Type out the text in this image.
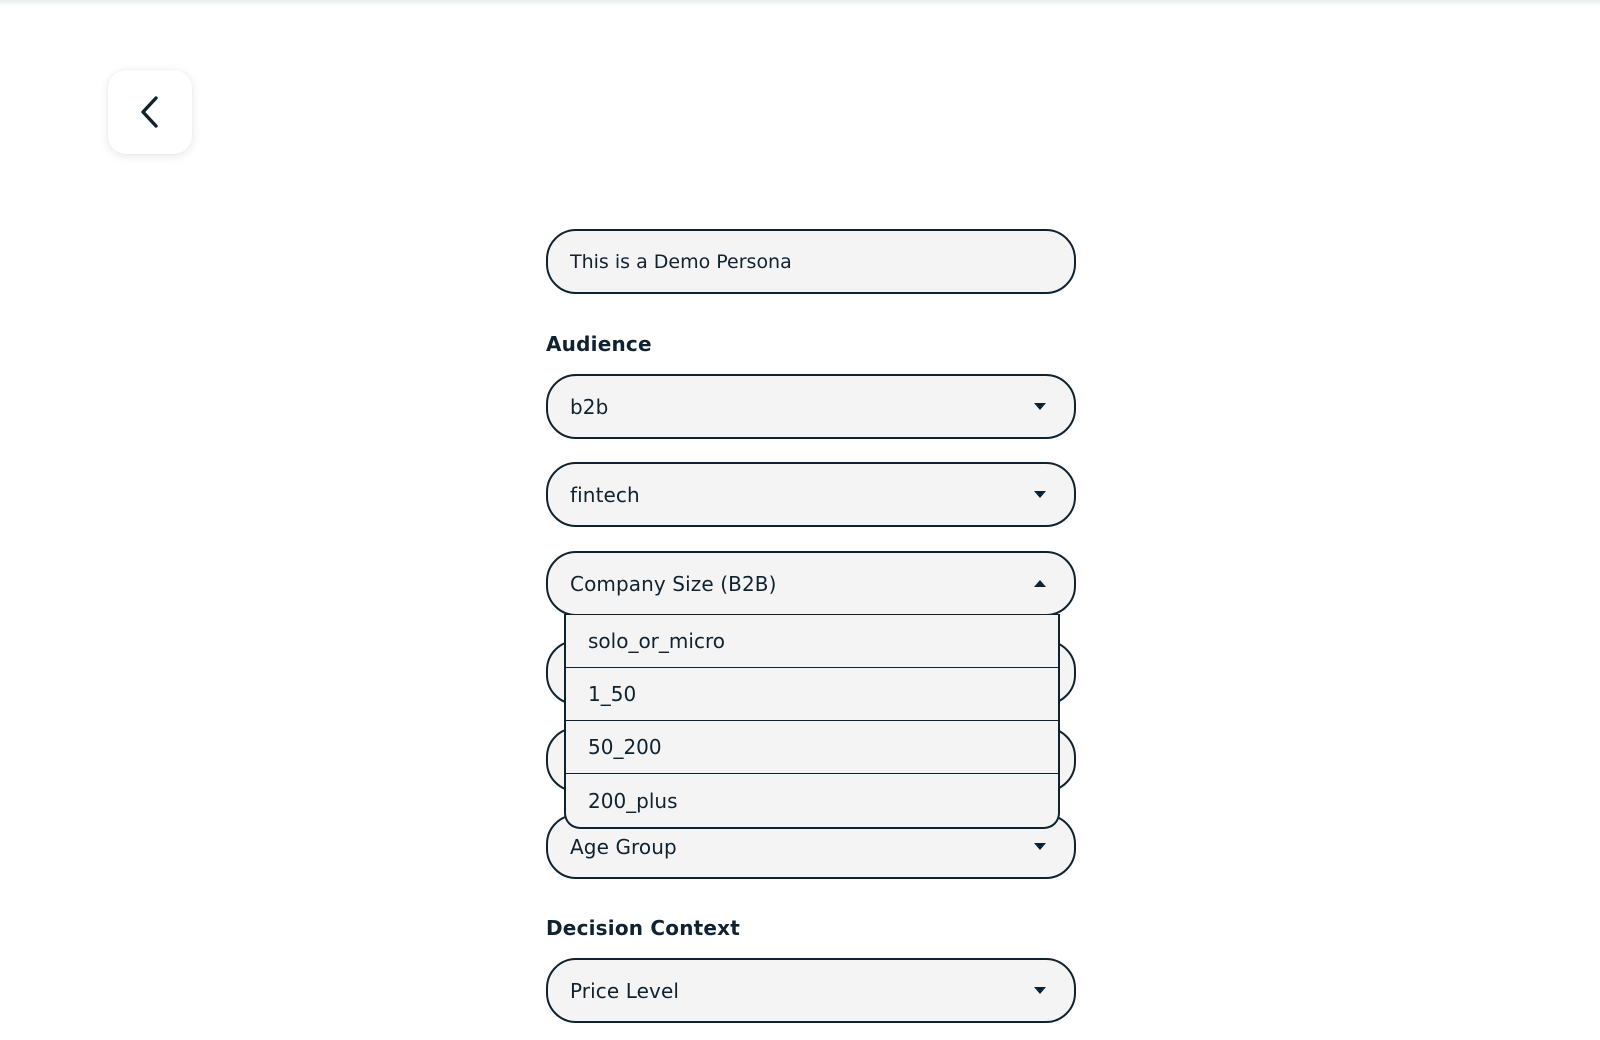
This is a Demo Persona
Audience
b2b
fintech
Company Size (B2B)
solo_or_micro
1_50
50_200
200_plus
Age Group
Decision Context
Price Level
